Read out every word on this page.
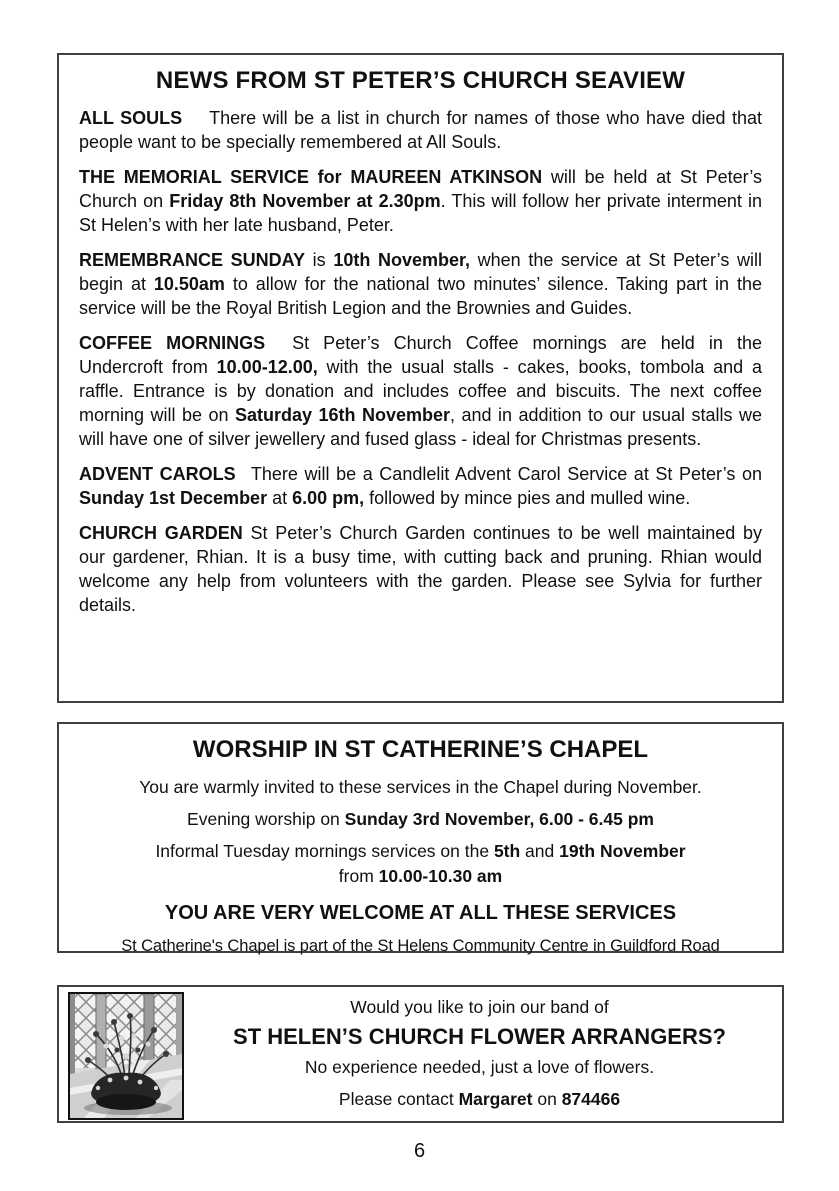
NEWS FROM ST PETER’S CHURCH SEAVIEW

ALL SOULS  There will be a list in church for names of those who have died that people want to be specially remembered at All Souls.

THE MEMORIAL SERVICE for MAUREEN ATKINSON will be held at St Peter’s Church on Friday 8th November at 2.30pm. This will follow her private interment in St Helen’s with her late husband, Peter.

REMEMBRANCE SUNDAY is 10th November, when the service at St Peter’s will begin at 10.50am to allow for the national two minutes’ silence. Taking part in the service will be the Royal British Legion and the Brownies and Guides.

COFFEE MORNINGS  St Peter’s Church Coffee mornings are held in the Undercroft from 10.00-12.00, with the usual stalls - cakes, books, tombola and a raffle. Entrance is by donation and includes coffee and biscuits. The next coffee morning will be on Saturday 16th November, and in addition to our usual stalls we will have one of silver jewellery and fused glass - ideal for Christmas presents.

ADVENT CAROLS  There will be a Candlelit Advent Carol Service at St Peter’s on Sunday 1st December at 6.00 pm, followed by mince pies and mulled wine.

CHURCH GARDEN St Peter’s Church Garden continues to be well maintained by our gardener, Rhian. It is a busy time, with cutting back and pruning. Rhian would welcome any help from volunteers with the garden. Please see Sylvia for further details.

WORSHIP IN ST CATHERINE’S CHAPEL

You are warmly invited to these services in the Chapel during November.

Evening worship on Sunday 3rd November, 6.00 - 6.45 pm

Informal Tuesday mornings services on the 5th and 19th November

from 10.00-10.30 am

YOU ARE VERY WELCOME AT ALL THESE SERVICES

St Catherine's Chapel is part of the St Helens Community Centre in Guildford Road

Would you like to join our band of

ST HELEN’S CHURCH FLOWER ARRANGERS?

No experience needed, just a love of flowers.

Please contact Margaret on 874466

6
